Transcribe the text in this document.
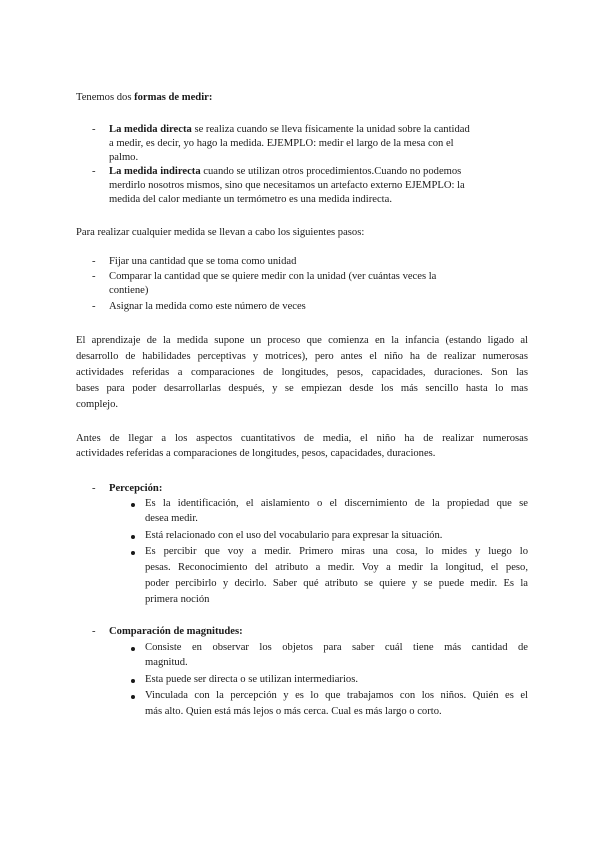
Tenemos dos formas de medir:
- La medida directa se realiza cuando se lleva físicamente la unidad sobre la cantidad
a medir, es decir, yo hago la medida. EJEMPLO: medir el largo de la mesa con el
palmo.
- La medida indirecta cuando se utilizan otros procedimientos.Cuando no podemos
merdirlo nosotros mismos, sino que necesitamos un artefacto externo EJEMPLO: la
medida del calor mediante un termómetro es una medida indirecta.
Para realizar cualquier medida se llevan a cabo los siguientes pasos:
- Fijar una cantidad que se toma como unidad
- Comparar la cantidad que se quiere medir con la unidad (ver cuántas veces la
contiene)
- Asignar la medida como este número de veces
El aprendizaje de la medida supone un proceso que comienza en la infancia (estando ligado al
desarrollo de habilidades perceptivas y motrices), pero antes el niño ha de realizar numerosas
actividades referidas a comparaciones de longitudes, pesos, capacidades, duraciones. Son las
bases para poder desarrollarlas después, y se empiezan desde los más sencillo hasta lo mas
complejo.
Antes de llegar a los aspectos cuantitativos de media, el niño ha de realizar numerosas
actividades referidas a comparaciones de longitudes, pesos, capacidades, duraciones.
- Percepción:
Es la identificación, el aislamiento o el discernimiento de la propiedad que se
desea medir.
Está relacionado con el uso del vocabulario para expresar la situación.
Es percibir que voy a medir. Primero miras una cosa, lo mides y luego lo
pesas. Reconocimiento del atributo a medir. Voy a medir la longitud, el peso,
poder percibirlo y decirlo. Saber qué atributo se quiere y se puede medir. Es la
primera noción
- Comparación de magnitudes:
Consiste en observar los objetos para saber cuál tiene más cantidad de
magnitud.
Esta puede ser directa o se utilizan intermediarios.
Vinculada con la percepción y es lo que trabajamos con los niños. Quién es el
más alto. Quien está más lejos o más cerca. Cual es más largo o corto.
